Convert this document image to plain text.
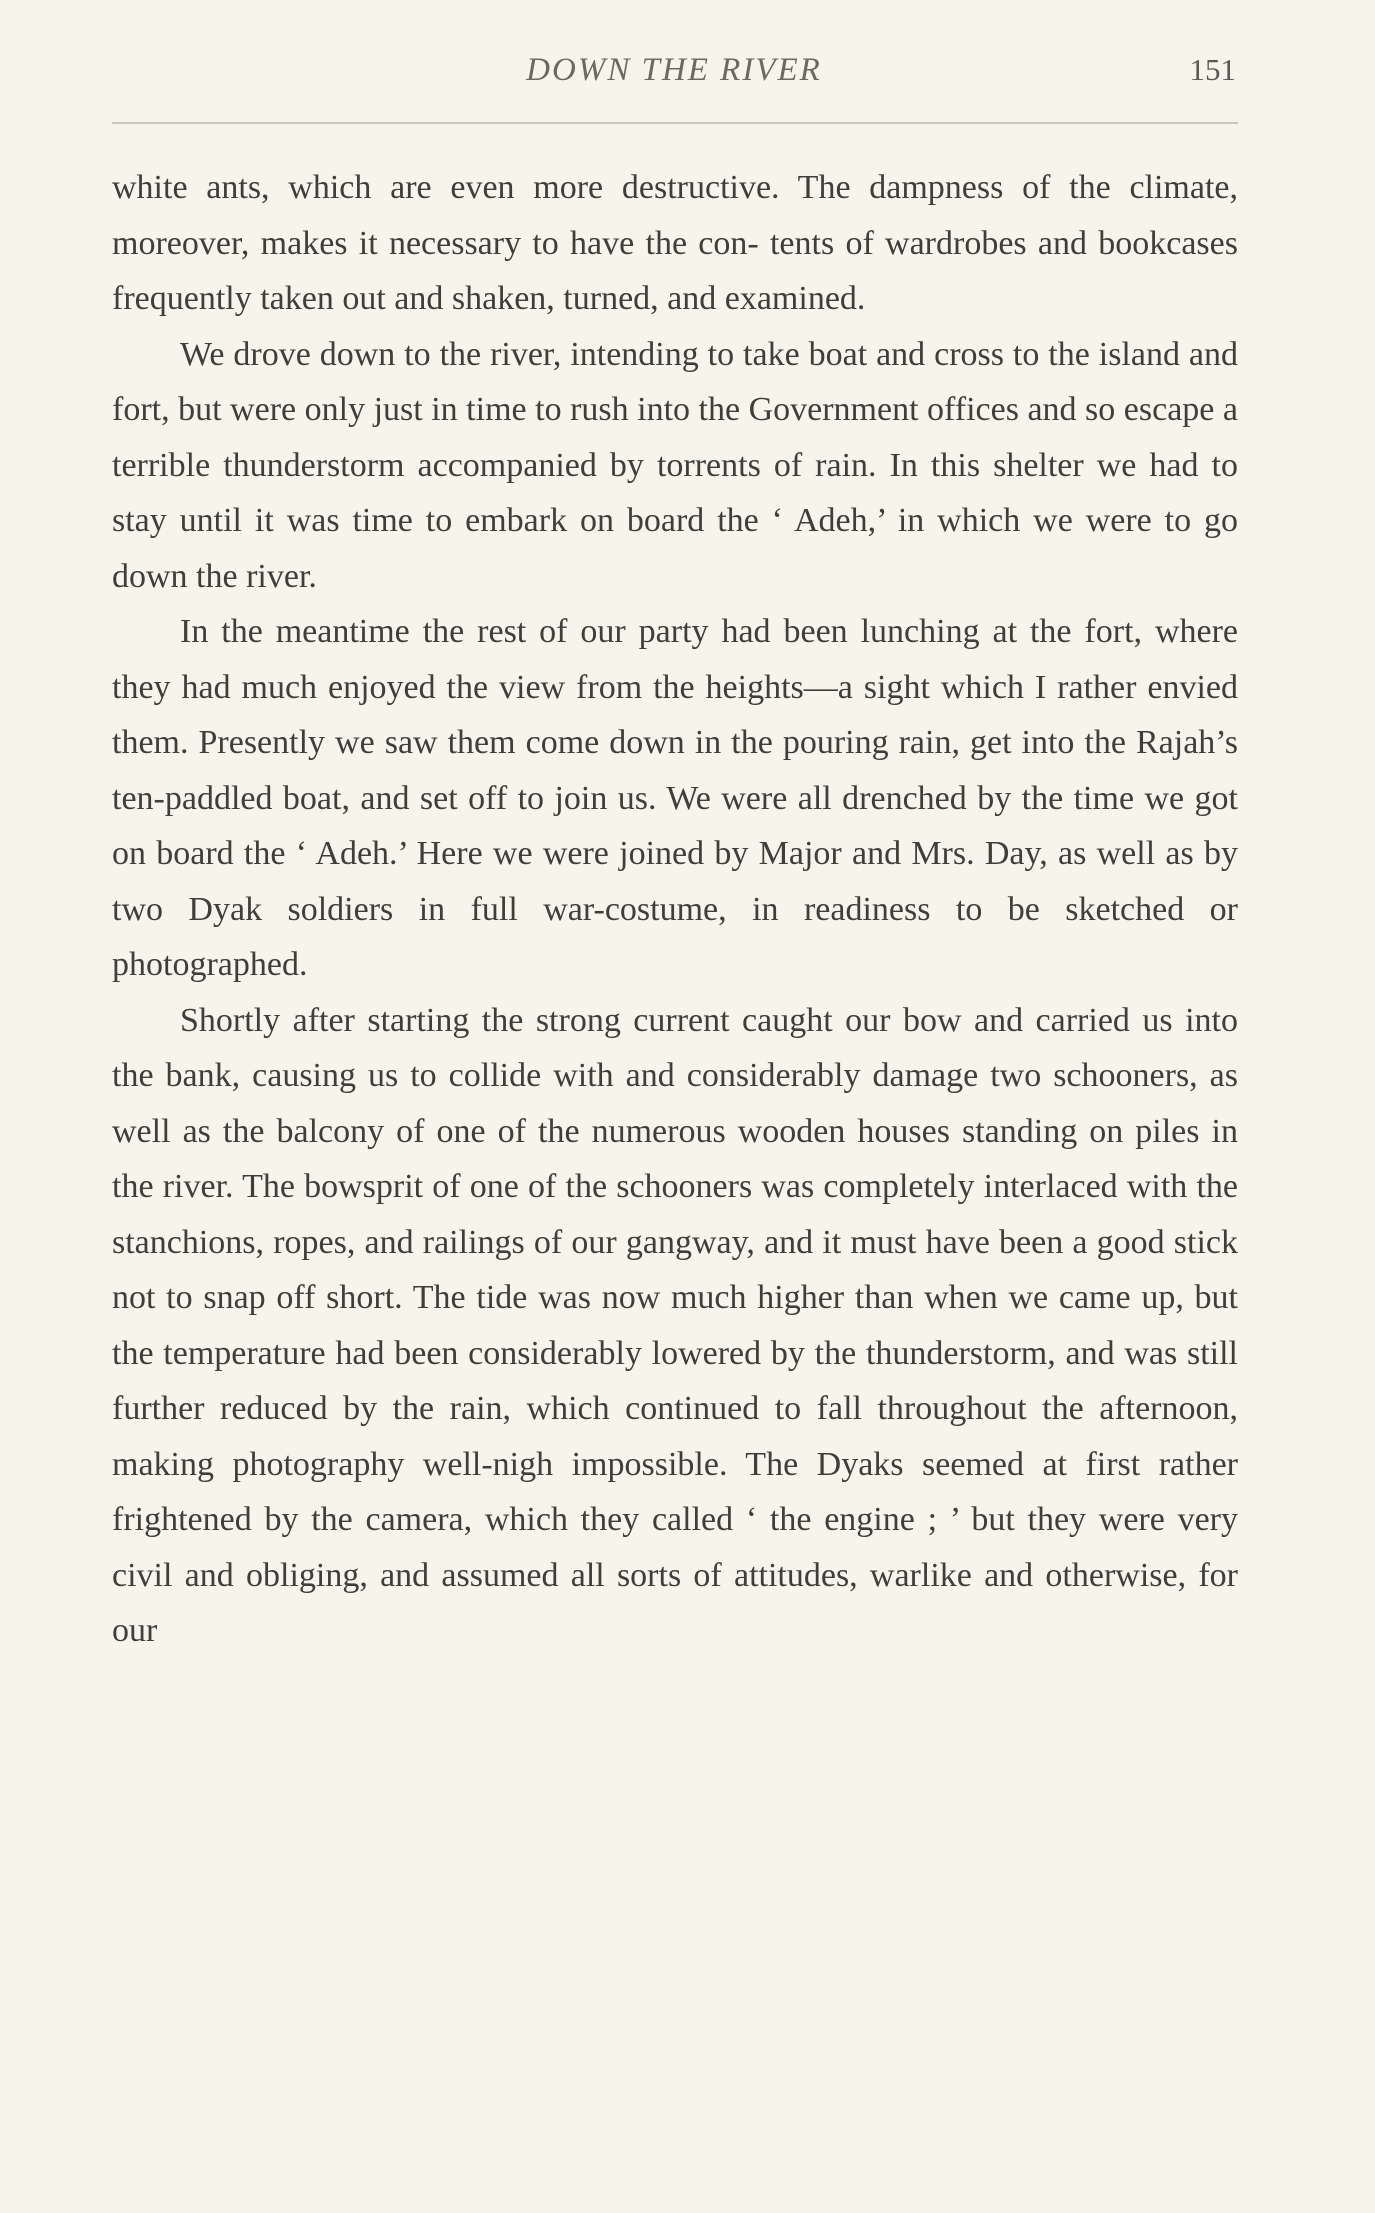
DOWN THE RIVER	151

white ants, which are even more destructive. The dampness of the climate, moreover, makes it necessary to have the con- tents of wardrobes and bookcases frequently taken out and shaken, turned, and examined.

We drove down to the river, intending to take boat and cross to the island and fort, but were only just in time to rush into the Government offices and so escape a terrible thunderstorm accompanied by torrents of rain. In this shelter we had to stay until it was time to embark on board the ‘ Adeh,’ in which we were to go down the river.

In the meantime the rest of our party had been lunching at the fort, where they had much enjoyed the view from the heights—a sight which I rather envied them. Presently we saw them come down in the pouring rain, get into the Rajah’s ten-paddled boat, and set off to join us. We were all drenched by the time we got on board the ‘ Adeh.’ Here we were joined by Major and Mrs. Day, as well as by two Dyak soldiers in full war-costume, in readiness to be sketched or photographed.

Shortly after starting the strong current caught our bow and carried us into the bank, causing us to collide with and considerably damage two schooners, as well as the balcony of one of the numerous wooden houses standing on piles in the river. The bowsprit of one of the schooners was completely interlaced with the stanchions, ropes, and railings of our gangway, and it must have been a good stick not to snap off short. The tide was now much higher than when we came up, but the temperature had been considerably lowered by the thunderstorm, and was still further reduced by the rain, which continued to fall throughout the afternoon, making photography well-nigh impossible. The Dyaks seemed at first rather frightened by the camera, which they called ‘ the engine ; ’ but they were very civil and obliging, and assumed all sorts of attitudes, warlike and otherwise, for our
